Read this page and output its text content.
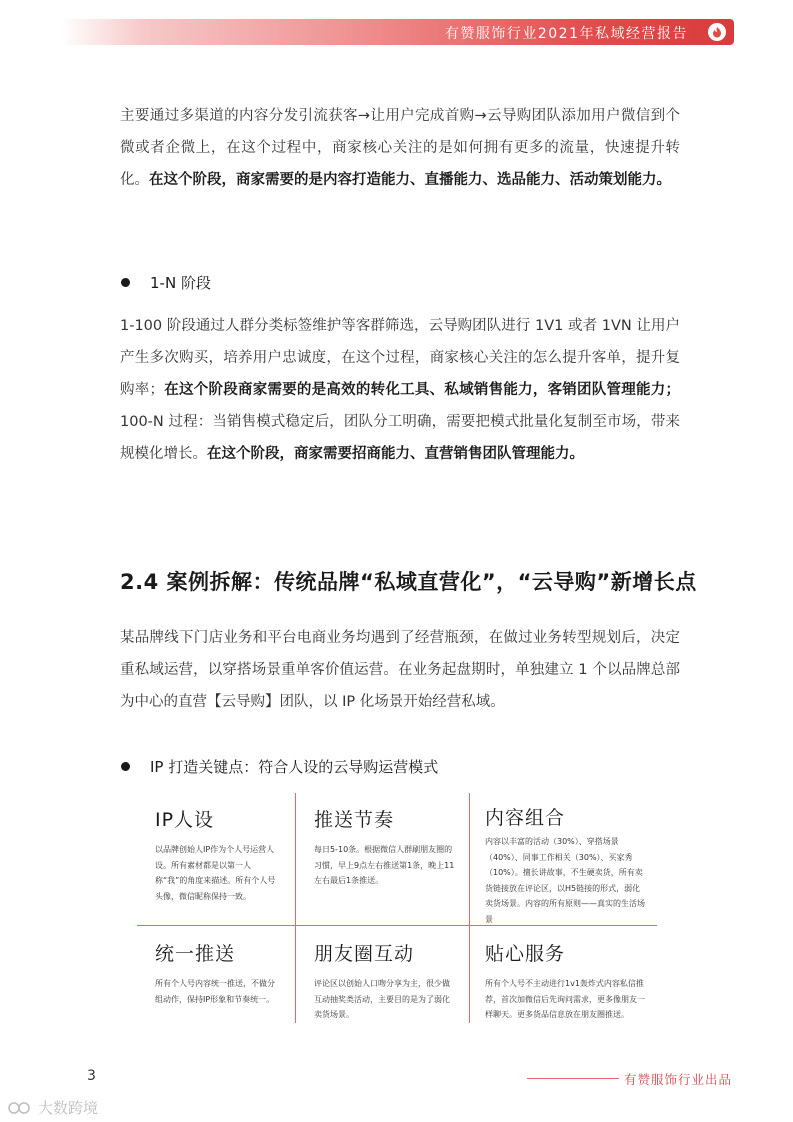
有赞服饰行业2021年私域经营报告
主要通过多渠道的内容分发引流获客→让用户完成首购→云导购团队添加用户微信到个微或者企微上，在这个过程中，商家核心关注的是如何拥有更多的流量，快速提升转化。在这个阶段，商家需要的是内容打造能力、直播能力、选品能力、活动策划能力。
1-N 阶段
1-100 阶段通过人群分类标签维护等客群筛选，云导购团队进行 1V1 或者 1VN 让用户产生多次购买，培养用户忠诚度，在这个过程，商家核心关注的怎么提升客单，提升复购率；在这个阶段商家需要的是高效的转化工具、私域销售能力，客销团队管理能力；100-N 过程：当销售模式稳定后，团队分工明确，需要把模式批量化复制至市场，带来规模化增长。在这个阶段，商家需要招商能力、直营销售团队管理能力。
2.4 案例拆解：传统品牌“私域直营化”，“云导购”新增长点
某品牌线下门店业务和平台电商业务均遇到了经营瓶颈，在做过业务转型规划后，决定重私域运营，以穿搭场景重单客价值运营。在业务起盘期时，单独建立 1 个以品牌总部为中心的直营【云导购】团队，以 IP 化场景开始经营私域。
IP 打造关键点：符合人设的云导购运营模式
IP人设
以品牌创始人IP作为个人号运营人设。所有素材都是以第一人称“我”的角度来描述。所有个人号头像，微信昵称保持一致。
推送节奏
每日5-10条。根据微信人群刷朋友圈的习惯，早上9点左右推送第1条，晚上11左右最后1条推送。
内容组合
内容以丰富的活动（30%）、穿搭场景（40%）、同事工作相关（30%）、买家秀（10%）。擅长讲故事，不生硬卖货，所有卖货链接放在评论区，以H5链接的形式，弱化卖货场景。内容的所有原则——真实的生活场景
统一推送
所有个人号内容统一推送，不做分组动作，保持IP形象和节奏统一。
朋友圈互动
评论区以创始人口吻分享为主，很少做互动抽奖类活动，主要目的是为了弱化卖货场景。
贴心服务
所有个人号不主动进行1v1轰炸式内容私信推荐，首次加微信后先询问需求，更多像朋友一样聊天。更多货品信息放在朋友圈推送。
3	有赞服饰行业出品
大数跨境
